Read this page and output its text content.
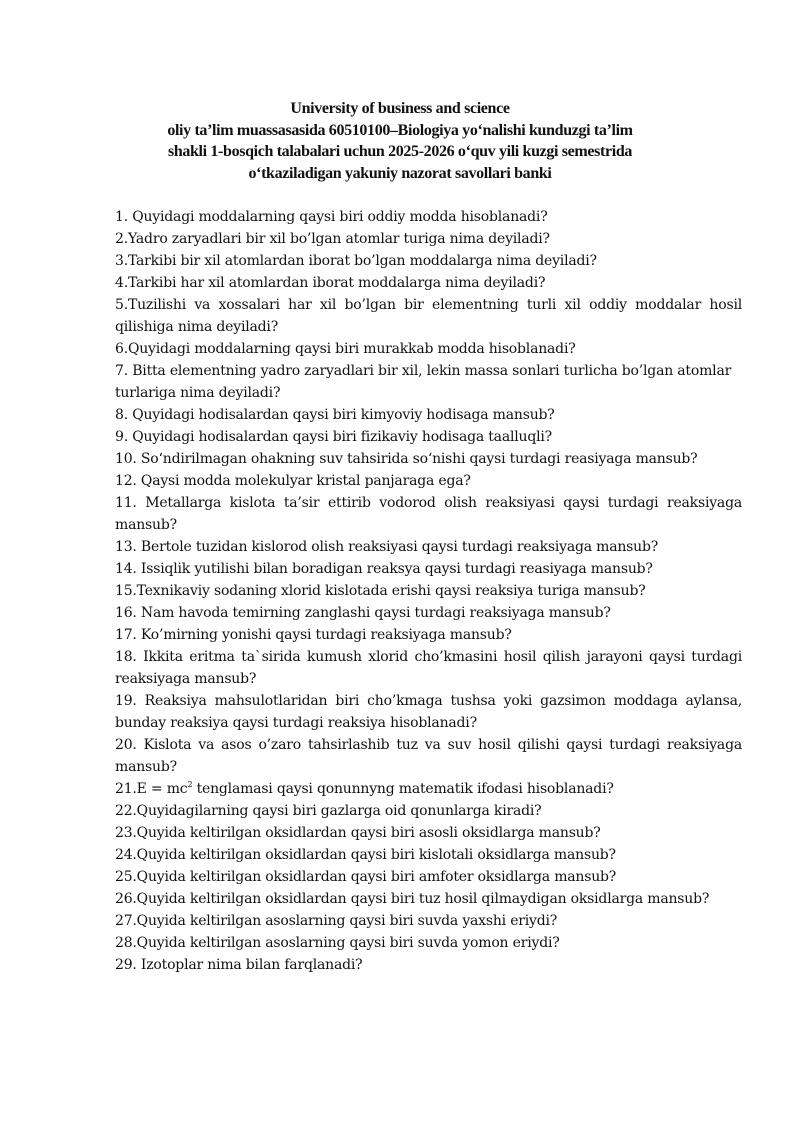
University of business and science
oliy ta’lim muassasasida 60510100–Biologiya yoʻnalishi kunduzgi ta’lim
shakli 1-bosqich talabalari uchun 2025-2026 oʻquv yili kuzgi semestrida
oʻtkaziladigan yakuniy nazorat savollari banki
1. Quyidagi moddalarning qaysi biri oddiy modda hisoblanadi?
2.Yadro zaryadlari bir xil bo’lgan atomlar turiga nima deyiladi?
3.Tarkibi bir xil atomlardan iborat bo’lgan moddalarga nima deyiladi?
4.Tarkibi har xil atomlardan iborat moddalarga nima deyiladi?
5.Tuzilishi va xossalari har xil bo’lgan bir elementning turli xil oddiy moddalar hosil qilishiga nima deyiladi?
6.Quyidagi moddalarning qaysi biri murakkab modda hisoblanadi?
7. Bitta elementning yadro zaryadlari bir xil, lekin massa sonlari turlicha bo’lgan atomlar turlariga nima deyiladi?
8. Quyidagi hodisalardan qaysi biri kimyoviy hodisaga mansub?
9. Quyidagi hodisalardan qaysi biri fizikaviy hodisaga taalluqli?
10. So‘ndirilmagan ohakning suv tahsirida so‘nishi qaysi turdagi reasiyaga mansub?
12. Qaysi modda molekulyar kristal panjaraga ega?
11. Metallarga kislota ta’sir ettirib vodorod olish reaksiyasi qaysi turdagi reaksiyaga mansub?
13. Bertole tuzidan kislorod olish reaksiyasi qaysi turdagi reaksiyaga mansub?
14. Issiqlik yutilishi bilan boradigan reaksya qaysi turdagi reasiyaga mansub?
15.Texnikaviy sodaning xlorid kislotada erishi qaysi reaksiya turiga mansub?
16. Nam havoda temirning zanglashi qaysi turdagi reaksiyaga mansub?
17. Ko’mirning yonishi qaysi turdagi reaksiyaga mansub?
18. Ikkita eritma ta`sirida kumush xlorid cho’kmasini hosil qilish jarayoni qaysi turdagi reaksiyaga mansub?
19. Reaksiya mahsulotlaridan biri cho’kmaga tushsa yoki gazsimon moddaga aylansa, bunday reaksiya qaysi turdagi reaksiya hisoblanadi?
20. Kislota va asos o’zaro tahsirlashib tuz va suv hosil qilishi qaysi turdagi reaksiyaga mansub?
$21.E = mc^2$ tenglamasi qaysi qonunnyng matematik ifodasi hisoblanadi?
22.Quyidagilarning qaysi biri gazlarga oid qonunlarga kiradi?
23.Quyida keltirilgan oksidlardan qaysi biri asosli oksidlarga mansub?
24.Quyida keltirilgan oksidlardan qaysi biri kislotali oksidlarga mansub?
25.Quyida keltirilgan oksidlardan qaysi biri amfoter oksidlarga mansub?
26.Quyida keltirilgan oksidlardan qaysi biri tuz hosil qilmaydigan oksidlarga mansub?
27.Quyida keltirilgan asoslarning qaysi biri suvda yaxshi eriydi?
28.Quyida keltirilgan asoslarning qaysi biri suvda yomon eriydi?
29. Izotoplar nima bilan farqlanadi?
